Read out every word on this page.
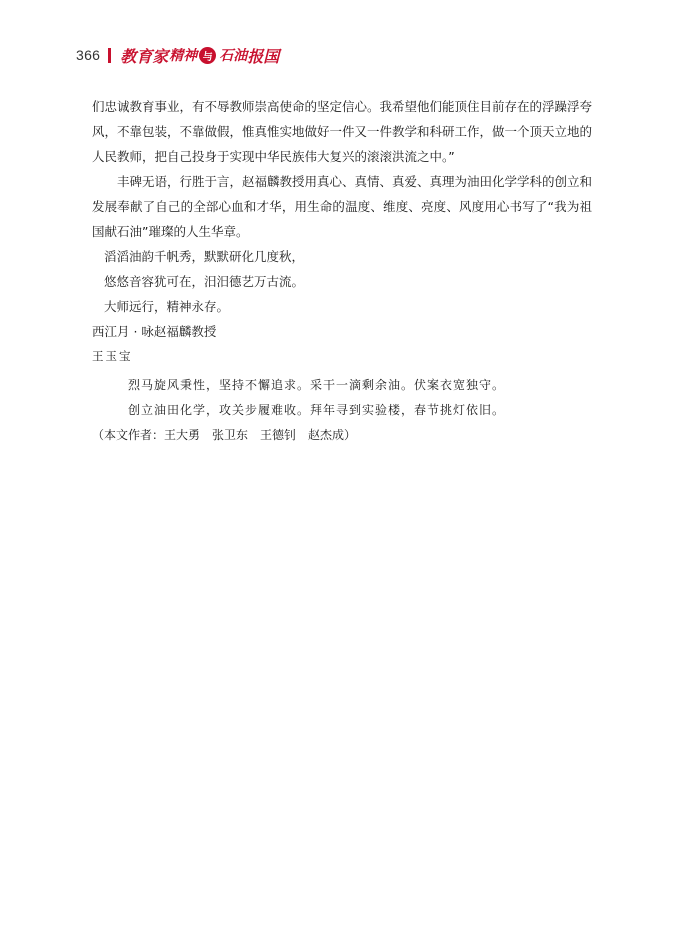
366 教育家 精神 与 石油 报国

们忠诚教育事业，有不辱教师崇高使命的坚定信心。我希望他们能顶住目前存在的浮躁浮夸风，不靠包装，不靠做假，惟真惟实地做好一件又一件教学和科研工作，做一个顶天立地的人民教师，把自己投身于实现中华民族伟大复兴的滚滚洪流之中。”

丰碑无语，行胜于言，赵福麟教授用真心、真情、真爱、真理为油田化学学科的创立和发展奉献了自己的全部心血和才华，用生命的温度、维度、亮度、风度用心书写了“我为祖国献石油”璀璨的人生华章。

滔滔油韵千帆秀，默默研化几度秋，

悠悠音容犹可在，汨汨德艺万古流。

大师远行，精神永存。

西江月 · 咏赵福麟教授

王玉宝

烈马旋风秉性，坚持不懈追求。采干一滴剩余油。伏案衣宽独守。

创立油田化学，攻关步履难收。拜年寻到实验楼，春节挑灯依旧。

（本文作者：王大勇　张卫东　王德钊　赵杰成）
